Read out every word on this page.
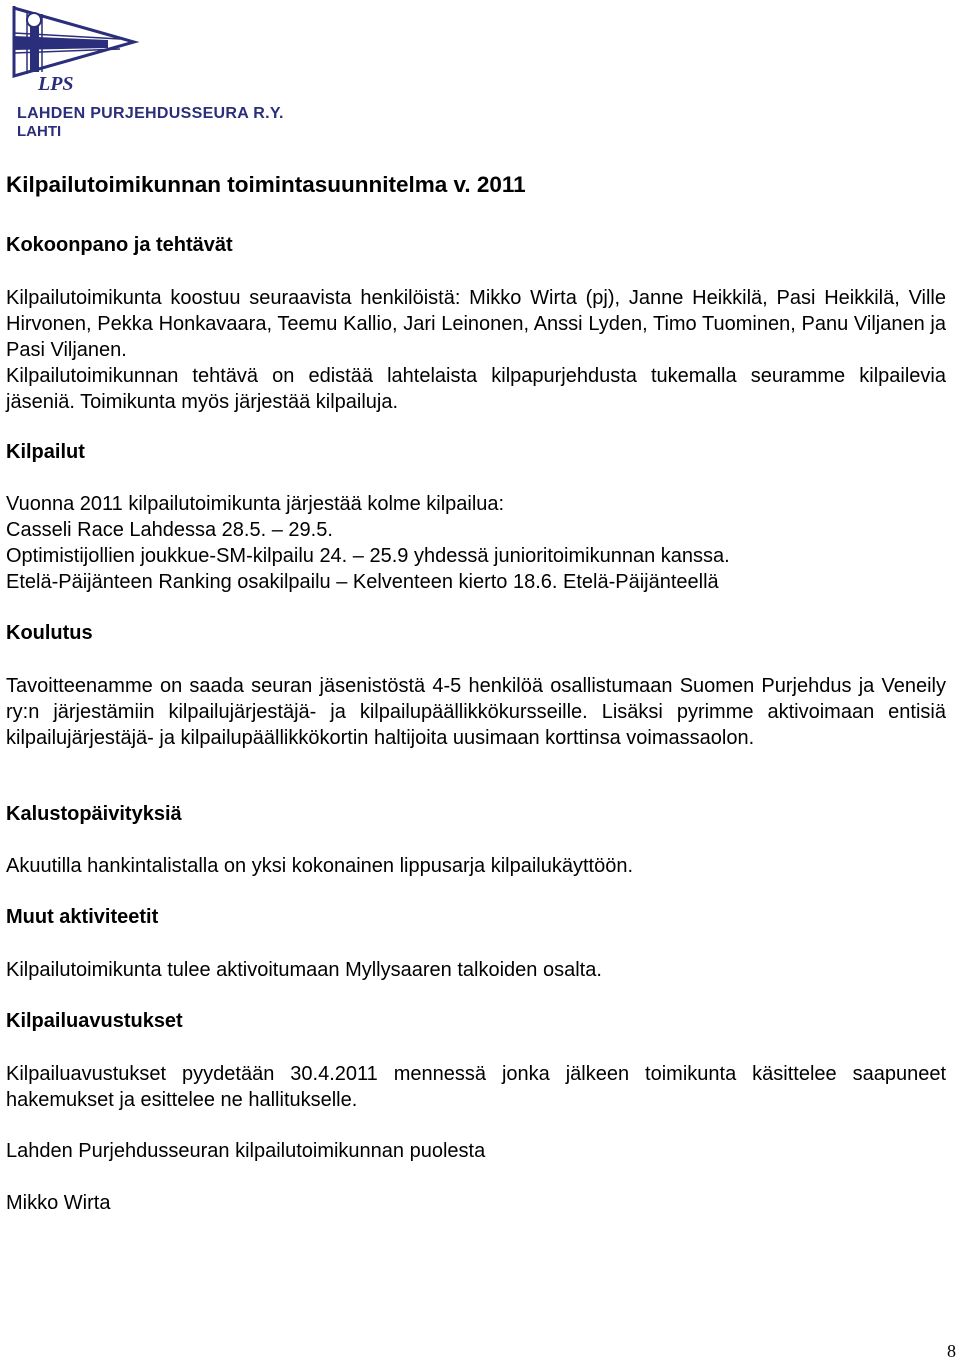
LPS
LAHDEN PURJEHDUSSEURA R.Y.
LAHTI
Kilpailutoimikunnan toimintasuunnitelma v. 2011
Kokoonpano ja tehtävät
Kilpailutoimikunta koostuu seuraavista henkilöistä: Mikko Wirta (pj), Janne Heikkilä, Pasi Heikkilä, Ville Hirvonen, Pekka Honkavaara, Teemu Kallio, Jari Leinonen, Anssi Lyden, Timo Tuominen, Panu Viljanen ja Pasi Viljanen.
Kilpailutoimikunnan tehtävä on edistää lahtelaista kilpapurjehdusta tukemalla seuramme kilpailevia jäseniä. Toimikunta myös järjestää kilpailuja.
Kilpailut
Vuonna 2011 kilpailutoimikunta järjestää kolme kilpailua:
Casseli Race Lahdessa 28.5. – 29.5.
Optimistijollien joukkue-SM-kilpailu 24. – 25.9 yhdessä junioritoimikunnan kanssa.
Etelä-Päijänteen Ranking osakilpailu – Kelventeen kierto 18.6. Etelä-Päijänteellä
Koulutus
Tavoitteenamme on saada seuran jäsenistöstä 4-5 henkilöä osallistumaan Suomen Purjehdus ja Veneily ry:n järjestämiin kilpailujärjestäjä- ja kilpailupäällikkökursseille. Lisäksi pyrimme aktivoimaan entisiä kilpailujärjestäjä- ja kilpailupäällikkökortin haltijoita uusimaan korttinsa voimassaolon.
Kalustopäivityksiä
Akuutilla hankintalistalla on yksi kokonainen lippusarja kilpailukäyttöön.
Muut aktiviteetit
Kilpailutoimikunta tulee aktivoitumaan Myllysaaren talkoiden osalta.
Kilpailuavustukset
Kilpailuavustukset pyydetään 30.4.2011 mennessä jonka jälkeen toimikunta käsittelee saapuneet hakemukset ja esittelee ne hallitukselle.
Lahden Purjehdusseuran kilpailutoimikunnan puolesta
Mikko Wirta
8
